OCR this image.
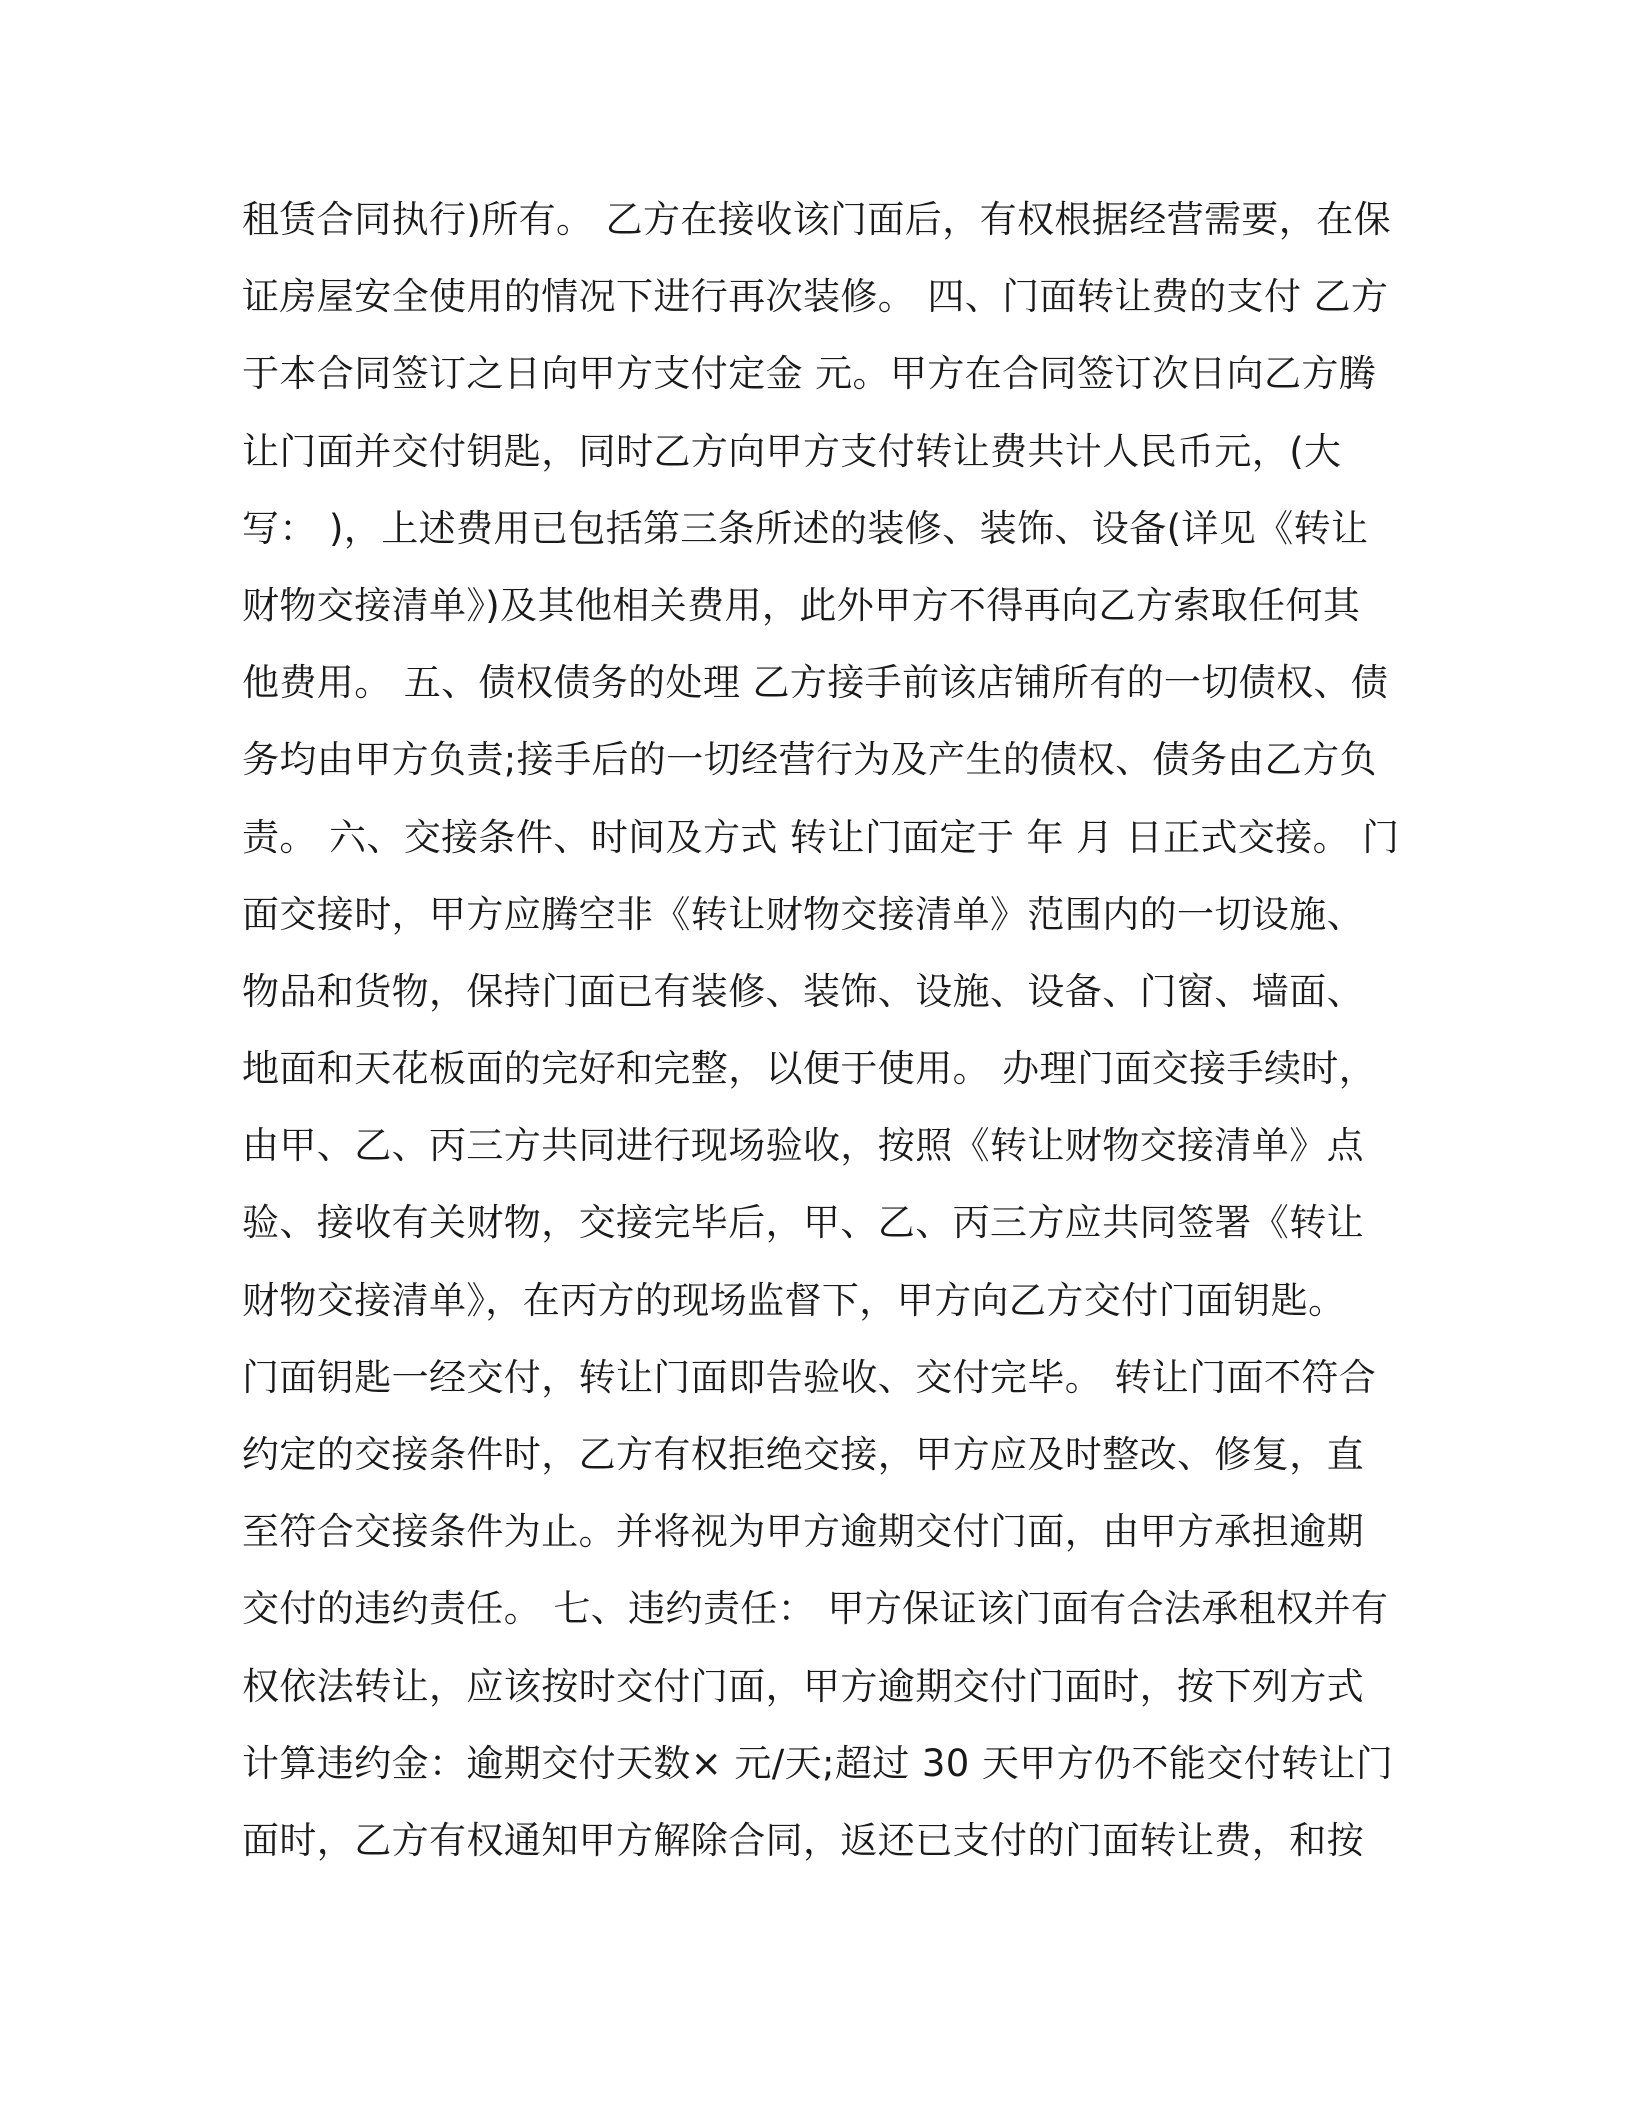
租赁合同执行)所有。 乙方在接收该门面后，有权根据经营需要，在保
证房屋安全使用的情况下进行再次装修。 四、门面转让费的支付 乙方
于本合同签订之日向甲方支付定金 元。甲方在合同签订次日向乙方腾
让门面并交付钥匙，同时乙方向甲方支付转让费共计人民币元，(大
写： )，上述费用已包括第三条所述的装修、装饰、设备(详见《转让
财物交接清单》)及其他相关费用，此外甲方不得再向乙方索取任何其
他费用。 五、债权债务的处理 乙方接手前该店铺所有的一切债权、债
务均由甲方负责;接手后的一切经营行为及产生的债权、债务由乙方负
责。 六、交接条件、时间及方式 转让门面定于 年 月 日正式交接。 门
面交接时，甲方应腾空非《转让财物交接清单》范围内的一切设施、
物品和货物，保持门面已有装修、装饰、设施、设备、门窗、墙面、
地面和天花板面的完好和完整，以便于使用。 办理门面交接手续时，
由甲、乙、丙三方共同进行现场验收，按照《转让财物交接清单》点
验、接收有关财物，交接完毕后，甲、乙、丙三方应共同签署《转让
财物交接清单》，在丙方的现场监督下，甲方向乙方交付门面钥匙。
门面钥匙一经交付，转让门面即告验收、交付完毕。 转让门面不符合
约定的交接条件时，乙方有权拒绝交接，甲方应及时整改、修复，直
至符合交接条件为止。并将视为甲方逾期交付门面，由甲方承担逾期
交付的违约责任。 七、违约责任： 甲方保证该门面有合法承租权并有
权依法转让，应该按时交付门面，甲方逾期交付门面时，按下列方式
计算违约金：逾期交付天数× 元/天;超过 30 天甲方仍不能交付转让门
面时，乙方有权通知甲方解除合同，返还已支付的门面转让费，和按
